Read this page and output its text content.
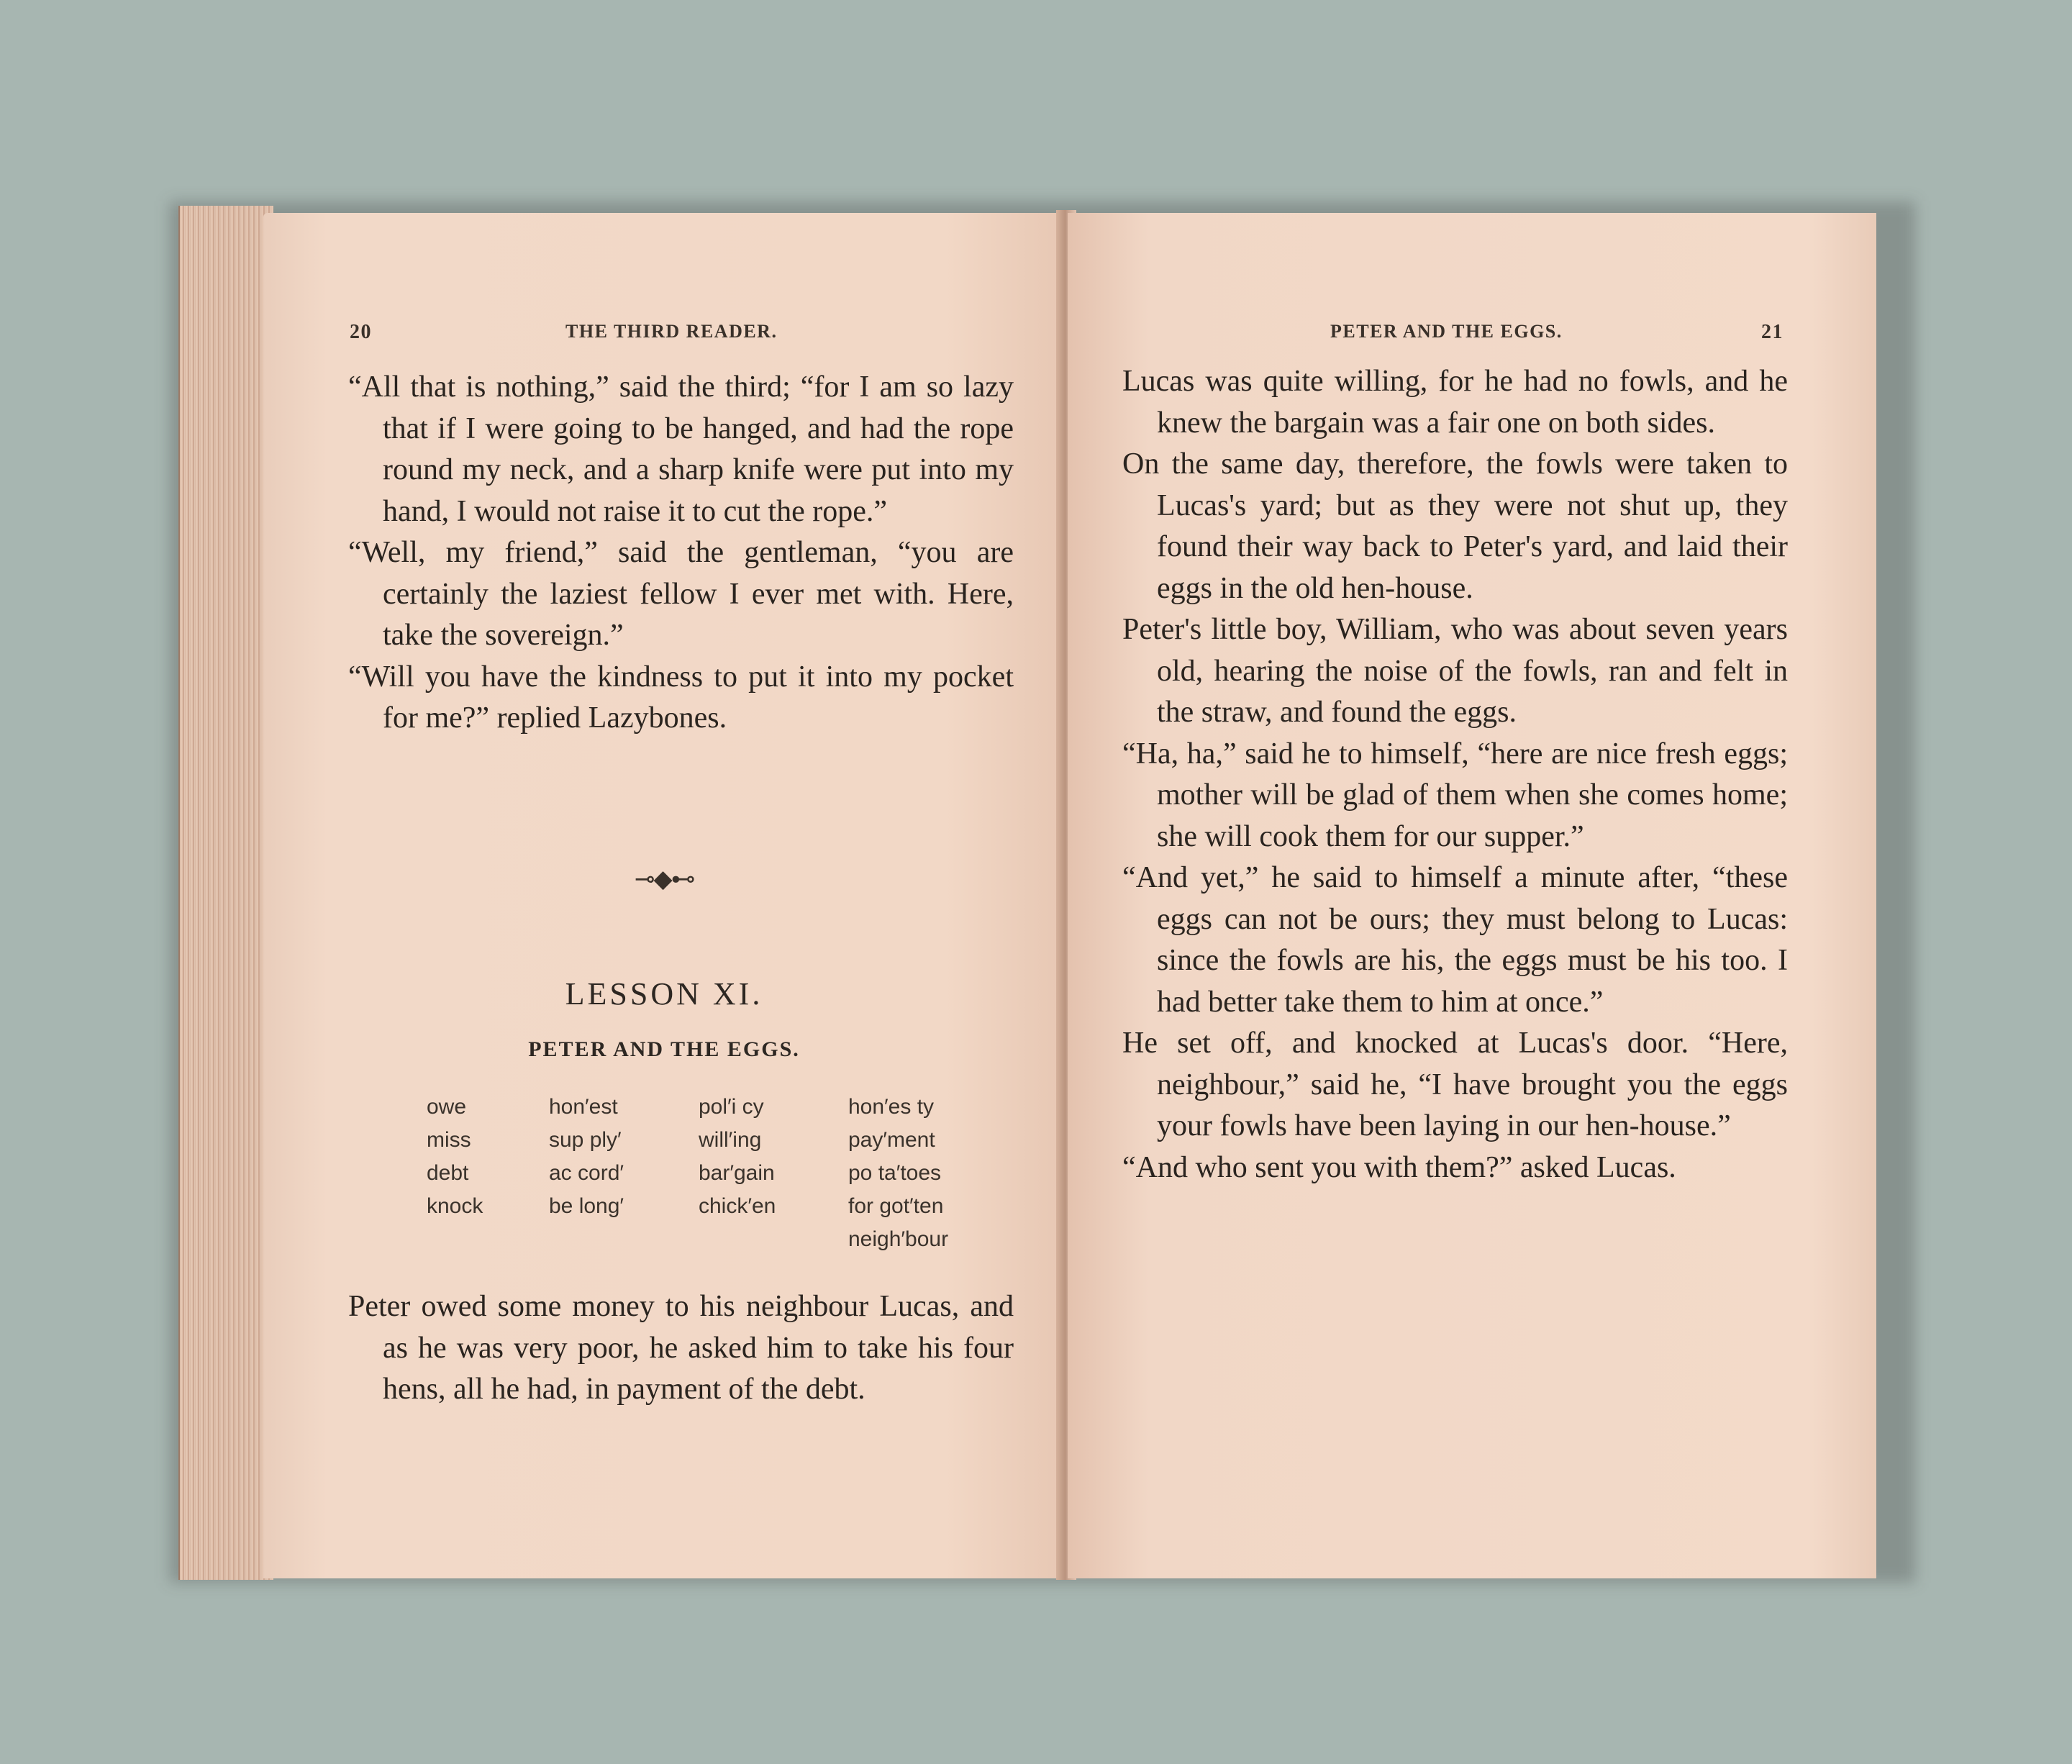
20	THE THIRD READER.

“All that is nothing,” said the third; “for I am so lazy that if I were going to be hanged, and had the rope round my neck, and a sharp knife were put into my hand, I would not raise it to cut the rope.”

“Well, my friend,” said the gentleman, “you are certainly the laziest fellow I ever met with. Here, take the sovereign.”

“Will you have the kindness to put it into my pocket for me?” replied Lazybones.

⊸◆⊷
LESSON XI.
PETER AND THE EGGS.
owe
miss
debt
knock
hon′est
sup ply′
ac cord′
be long′
pol′i cy
will′ing
bar′gain
chick′en
hon′es ty
pay′ment
po ta′toes
for got′ten
neigh′bour

Peter owed some money to his neighbour Lucas, and as he was very poor, he asked him to take his four hens, all he had, in payment of the debt.

PETER AND THE EGGS.	21

Lucas was quite willing, for he had no fowls, and he knew the bargain was a fair one on both sides.

On the same day, therefore, the fowls were taken to Lucas's yard; but as they were not shut up, they found their way back to Peter's yard, and laid their eggs in the old hen-house.

Peter's little boy, William, who was about seven years old, hearing the noise of the fowls, ran and felt in the straw, and found the eggs.

“Ha, ha,” said he to himself, “here are nice fresh eggs; mother will be glad of them when she comes home; she will cook them for our supper.”

“And yet,” he said to himself a minute after, “these eggs can not be ours; they must belong to Lucas: since the fowls are his, the eggs must be his too. I had better take them to him at once.”

He set off, and knocked at Lucas's door. “Here, neighbour,” said he, “I have brought you the eggs your fowls have been laying in our hen-house.”

“And who sent you with them?” asked Lucas.
